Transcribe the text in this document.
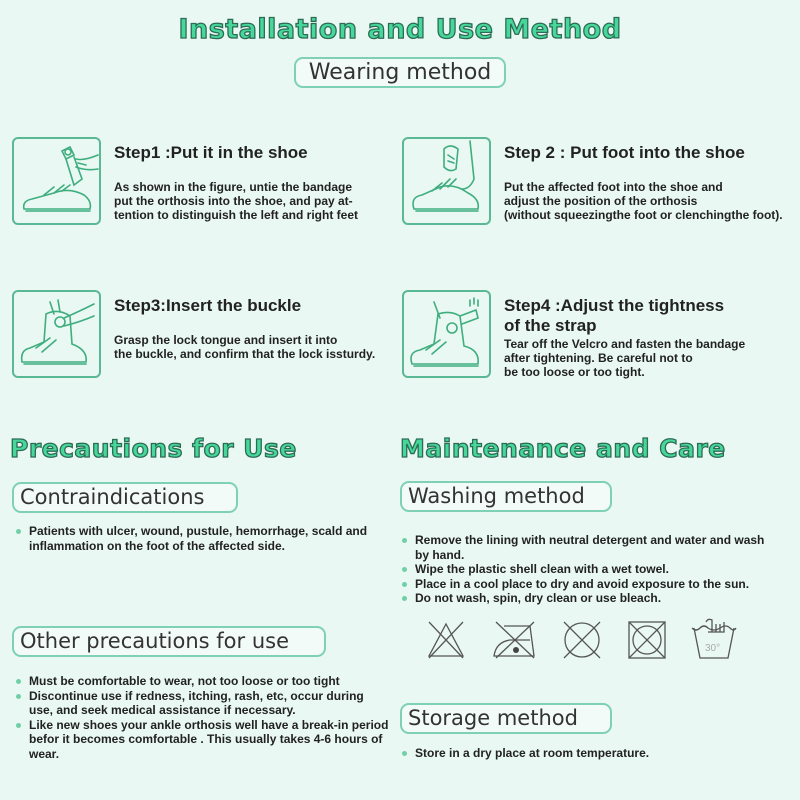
Installation and Use Method
Wearing method
Step1 :Put it in the shoe
As shown in the figure, untie the bandage
put the orthosis into the shoe, and pay at-
tention to distinguish the left and right feet
Step 2 : Put foot into the shoe
Put the affected foot into the shoe and
adjust the position of the orthosis
(without squeezingthe foot or clenchingthe foot).
Step3:Insert the buckle
Grasp the lock tongue and insert it into
the buckle, and confirm that the lock issturdy.
Step4 :Adjust the tightness
of the strap
Tear off the Velcro and fasten the bandage
after tightening. Be careful not to
be too loose or too tight.
Precautions for Use
Contraindications
Patients with ulcer, wound, pustule, hemorrhage, scald and inflammation on the foot of the affected side.
Other precautions for use
Must be comfortable to wear, not too loose or too tight
Discontinue use if redness, itching, rash, etc, occur during use, and seek medical assistance if necessary.
Like new shoes your ankle orthosis well have a break-in period befor it becomes comfortable . This usually takes 4-6 hours of wear.
Maintenance and Care
Washing method
Remove the lining with neutral detergent and water and wash by hand.
Wipe the plastic shell clean with a wet towel.
Place in a cool place to dry and avoid exposure to the sun.
Do not wash, spin, dry clean or use bleach.
30°
Storage method
Store in a dry place at room temperature.
